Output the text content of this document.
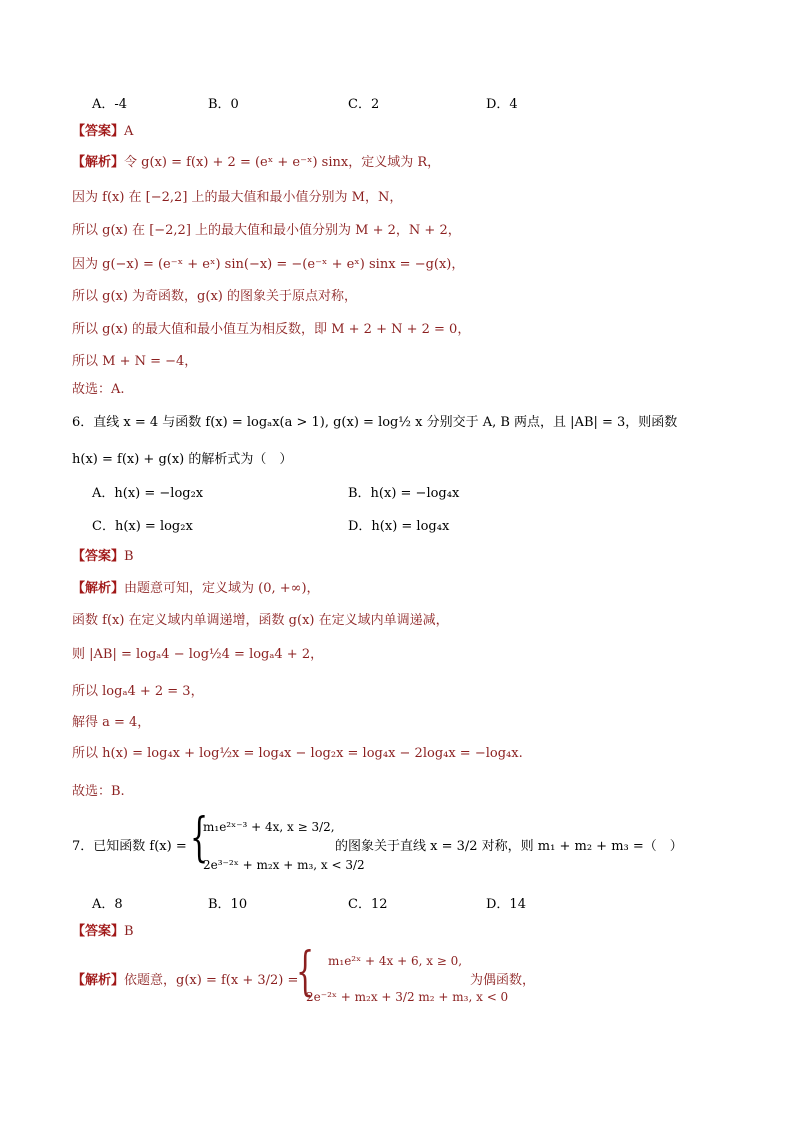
A．-4	B．0	C．2	D．4
【答案】A
【解析】令 g(x) = f(x) + 2 = (eˣ + e⁻ˣ) sinx，定义域为 R，
因为 f(x) 在 [−2,2] 上的最大值和最小值分别为 M，N，
所以 g(x) 在 [−2,2] 上的最大值和最小值分别为 M + 2，N + 2，
因为 g(−x) = (e⁻ˣ + eˣ) sin(−x) = −(e⁻ˣ + eˣ) sinx = −g(x)，
所以 g(x) 为奇函数，g(x) 的图象关于原点对称，
所以 g(x) 的最大值和最小值互为相反数，即 M + 2 + N + 2 = 0，
所以 M + N = −4，
故选：A.
6．直线 x = 4 与函数 f(x) = logₐx(a > 1), g(x) = log½ x 分别交于 A, B 两点，且 |AB| = 3，则函数
h(x) = f(x) + g(x) 的解析式为（　）
A．h(x) = −log₂x	B．h(x) = −log₄x
C．h(x) = log₂x	D．h(x) = log₄x
【答案】B
【解析】由题意可知，定义域为 (0, +∞)，
函数 f(x) 在定义域内单调递增，函数 g(x) 在定义域内单调递减，
则 |AB| = logₐ4 − log½4 = logₐ4 + 2，
所以 logₐ4 + 2 = 3，
解得 a = 4，
所以 h(x) = log₄x + log½x = log₄x − log₂x = log₄x − 2log₄x = −log₄x.
故选：B.
7．已知函数 f(x) = {
m₁e²ˣ⁻³ + 4x, x ≥ 3/2,
2e³⁻²ˣ + m₂x + m₃, x < 3/2
的图象关于直线 x = 3/2 对称，则 m₁ + m₂ + m₃ =（　）
A．8	B．10	C．12	D．14
【答案】B
【解析】依题意，g(x) = f(x + 3/2) =
{ m₁e²ˣ + 4x + 6, x ≥ 0,
2e⁻²ˣ + m₂x + 3/2 m₂ + m₃, x < 0
为偶函数，
